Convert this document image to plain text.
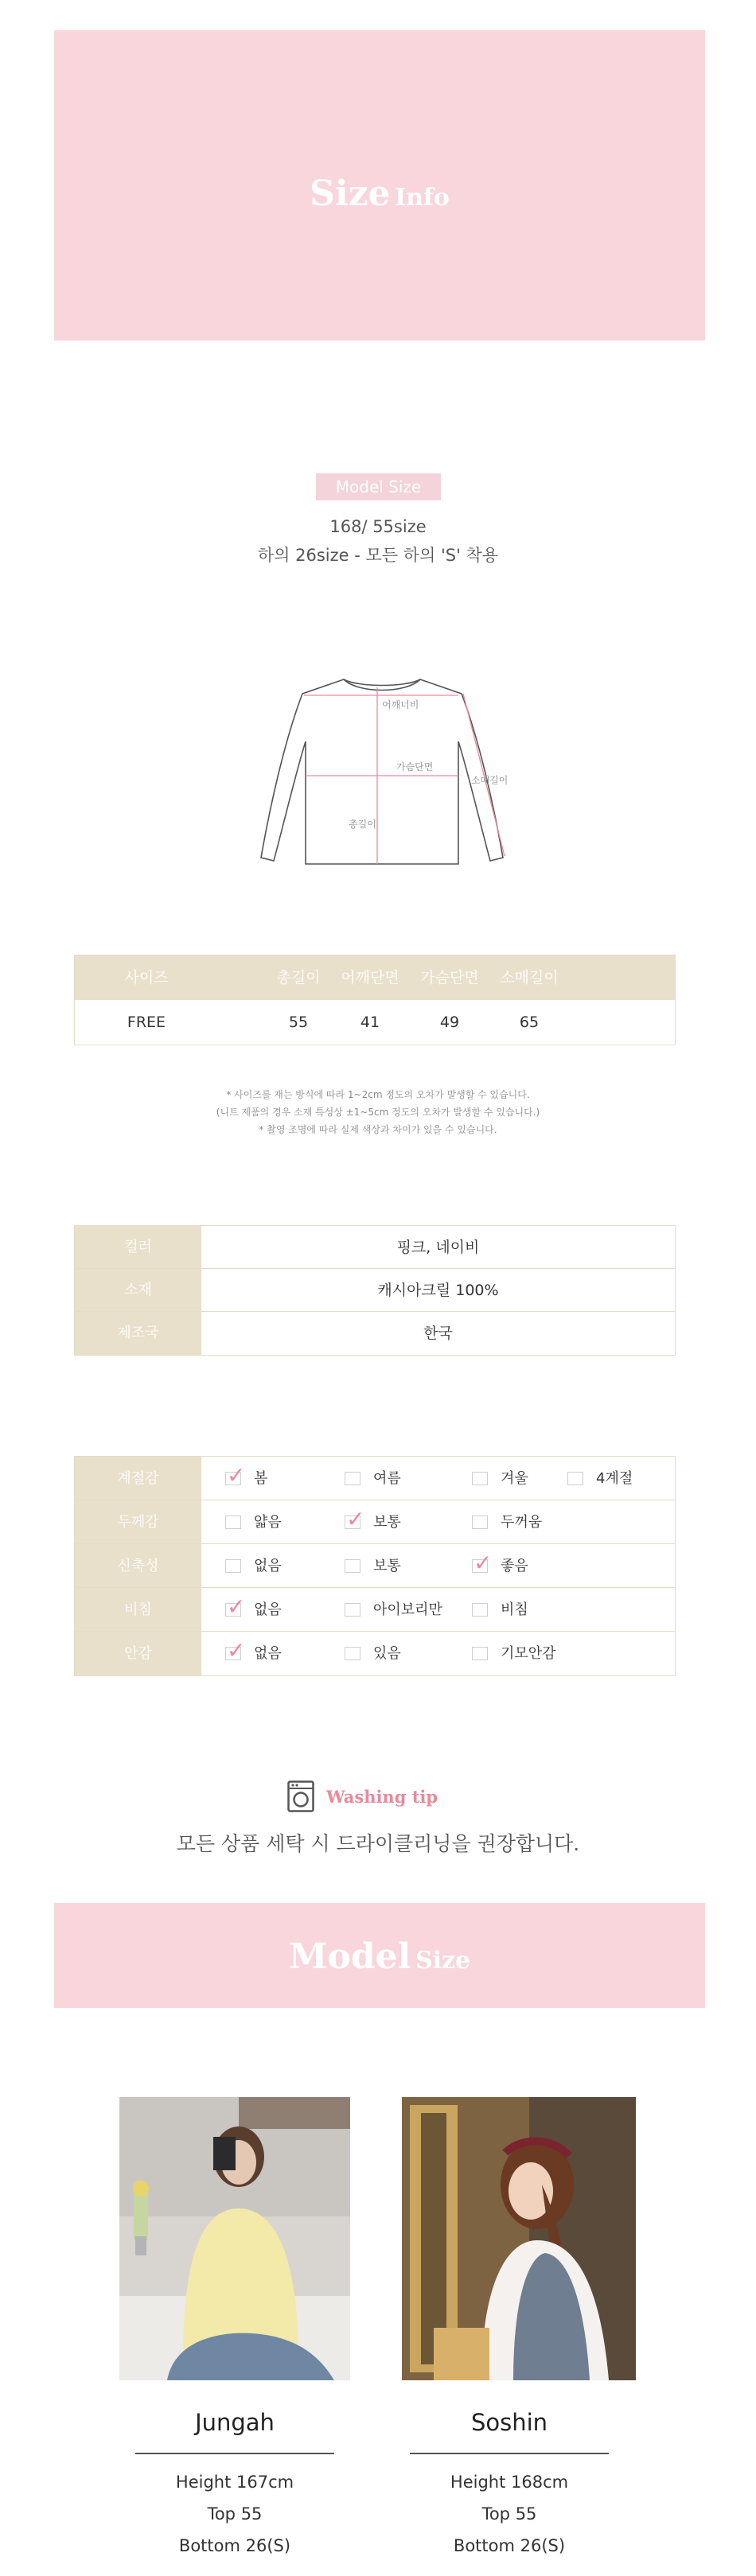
Size Info
Model Size
168/ 55size
하의 26size - 모든 하의 'S' 착용
어깨너비
가슴단면
소매길이
총길이
사이즈	총길이	어깨단면	가슴단면	소매길이
FREE	55	41	49	65
* 사이즈를 재는 방식에 따라 1~2cm 정도의 오차가 발생할 수 있습니다.
(니트 제품의 경우 소재 특성상 ±1~5cm 정도의 오차가 발생할 수 있습니다.)
* 촬영 조명에 따라 실제 색상과 차이가 있을 수 있습니다.
컬러	핑크, 네이비
소재	캐시아크릴 100%
제조국	한국
계절감	✓ 봄	여름	겨울	4계절
두께감	얇음	✓ 보통	두꺼움
신축성	없음	보통	✓ 좋음
비침	✓ 없음	아이보리만	비침
안감	✓ 없음	있음	기모안감
Washing tip
모든 상품 세탁 시 드라이클리닝을 권장합니다.
Model Size
Jungah
Height 167cm
Top 55
Bottom 26(S)
Soshin
Height 168cm
Top 55
Bottom 26(S)
